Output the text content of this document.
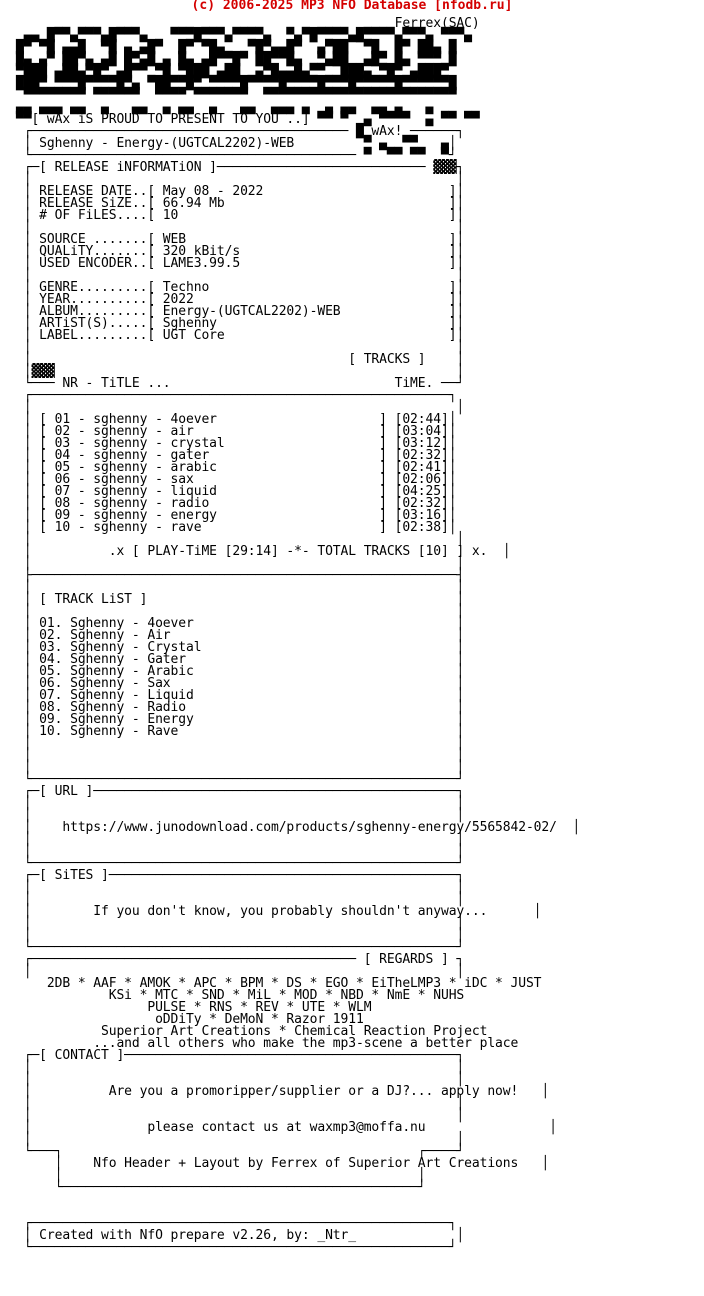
(c) 2006-2025 MP3 NFO Database [nfodb.ru]
Ferrex(SAC)
▄▄ █▀▀▄▀▀▀▄█▀▀▀▄   ▀▀▀█▀▀▀▄▀▀▀▀▄  ▀▄▀█▀▀▀▀▄█▀▀▀▀▄▀▀▀▄ ▀▀▀▄
█▀ ▀█ ▄▄█  ▀█ ▄ ▄█▀  █▀ ▀█▄   ▀█▀▄▄█▀  ▄▀██  ▀█  █▀ ██▄ █
█▄ ▄▀ ██▀▄ ▄█ █▀▄█ ▄ █▄ ▄█▀▀█▀ ██▀▀█▄  ▀▄██  ▄█▀ █▄ ▀▀▀ █
▀███ ▄██▄▀█▀ ▄█▀▀ ▀█ ▀███ ▄██  ▄▀█▄▄█▄▀▀  ███▄ ▀█▀ ▄███▀
███▀ ▀▀▀█▀▀▀▀█▀▄ ▀██▀▀█▀ ▀▀▀▀█▀▀▀▀█▀▀▀▀█▀▀▀█▀▀▀▀▀█▀▀▀▀▀▀█
▀▀▀▀▀▀▀▀ ▀▀▀▀▀▀  ▀▀▀▀ ▀▀▀▀▀▀▀  ▀▀▀▀▀▀▀▀▀▀▀▀▀▀▀▀▀▀▀▀▀▀▀▀▀
▄▄ ▄▄▄ ▄▄  ▄   ▄▄  ▄ ▄▄  ▄   ▄▄  ▄▄▄ ▄  ▄ ▄▄  ▄▄ ▄   ▄
▀▀[ wAx iS PROUD TO PRESENT TO YOU ..] ▀▀ ▀  ▄ ▀▀▀▀  ▄ ▀▀ ▀▀
┌───────────────────────────────────────── █ wAx! ──────┐
│ Sghenny - Energy-(UGTCAL2202)-WEB         ▀ ▄  ▀▀   ▄│
└────────────────────────────────────────── ▀  ▀▀ ▀▀  ▀┘
┌─[ RELEASE iNFORMATiON ]─────────────────────────── ▓▓▓┐
│                                                       │
│ RELEASE DATE..[ May 08 - 2022                        ]│
│ RELEASE SiZE..[ 66.94 Mb                             ]│
│ # OF FiLES....[ 10                                   ]│
│                                                       │
│ SOURCE .......[ WEB                                  ]│
│ QUALiTY.......[ 320 kBit/s                           ]│
│ USED ENCODER..[ LAME3.99.5                           ]│
│                                                       │
│ GENRE.........[ Techno                               ]│
│ YEAR..........[ 2022                                 ]│
│ ALBUM.........[ Energy-(UGTCAL2202)-WEB              ]│
│ ARTiST(S).....[ Sghenny                              ]│
│ LABEL.........[ UGT Core                             ]│
│                                                       │
│                                         [ TRACKS ]    │
│▓▓▓                                                    │
└─── NR - TiTLE ...                             TiME. ──┘
┌──────────────────────────────────────────────────────┐
│                                                       │
│ [ 01 - sghenny - 4oever                     ] [02:44]│
│ [ 02 - sghenny - air                        ] [03:04]│
│ [ 03 - sghenny - crystal                    ] [03:12]│
│ [ 04 - sghenny - gater                      ] [02:32]│
│ [ 05 - sghenny - arabic                     ] [02:41]│
│ [ 06 - sghenny - sax                        ] [02:06]│
│ [ 07 - sghenny - liquid                     ] [04:25]│
│ [ 08 - sghenny - radio                      ] [02:32]│
│ [ 09 - sghenny - energy                     ] [03:16]│
│ [ 10 - sghenny - rave                       ] [02:38]│
│                                                       │
│          .x [ PLAY-TiME [29:14] -*- TOTAL TRACKS [10] ] x.  │
│                                                       │
├───────────────────────────────────────────────────────┤
│                                                       │
│ [ TRACK LiST ]                                        │
│                                                       │
│ 01. Sghenny - 4oever                                  │
│ 02. Sghenny - Air                                     │
│ 03. Sghenny - Crystal                                 │
│ 04. Sghenny - Gater                                   │
│ 05. Sghenny - Arabic                                  │
│ 06. Sghenny - Sax                                     │
│ 07. Sghenny - Liquid                                  │
│ 08. Sghenny - Radio                                   │
│ 09. Sghenny - Energy                                  │
│ 10. Sghenny - Rave                                    │
│                                                       │
│                                                       │
│                                                       │
└───────────────────────────────────────────────────────┘
┌─[ URL ]───────────────────────────────────────────────┐
│                                                       │
│                                                       │
│    https://www.junodownload.com/products/sghenny-energy/5565842-02/  │
│                                                       │
│                                                       │
└───────────────────────────────────────────────────────┘
┌─[ SiTES ]─────────────────────────────────────────────┐
│                                                       │
│                                                       │
│        If you don't know, you probably shouldn't anyway...      │
│                                                       │
│                                                       │
└───────────────────────────────────────────────────────┘
┌────────────────────────────────────────── [ REGARDS ] ┐
│                                                       │
2DB * AAF * AMOK * APC * BPM * DS * EGO * EiTheLMP3 * iDC * JUST
KSi * MTC * SND * MiL * MOD * NBD * NmE * NUHS
PULSE * RNS * REV * UTE * WLM
oDDiTy * DeMoN * Razor 1911
Superior Art Creations * Chemical Reaction Project
...and all others who make the mp3-scene a better place
┌─[ CONTACT ]───────────────────────────────────────────┐
│                                                       │
│                                                       │
│          Are you a promoripper/supplier or a DJ?... apply now!   │
│                                                       │
│                                                       │
│               please contact us at waxmp3@moffa.nu                │
│                                                       │
└───┐                                              ┌────┘
│    Nfo Header + Layout by Ferrex of Superior Art Creations   │
│                                              │
└──────────────────────────────────────────────┘

┌──────────────────────────────────────────────────────┐
│ Created with NfO prepare v2.26, by: _Ntr_             │
└──────────────────────────────────────────────────────┘
